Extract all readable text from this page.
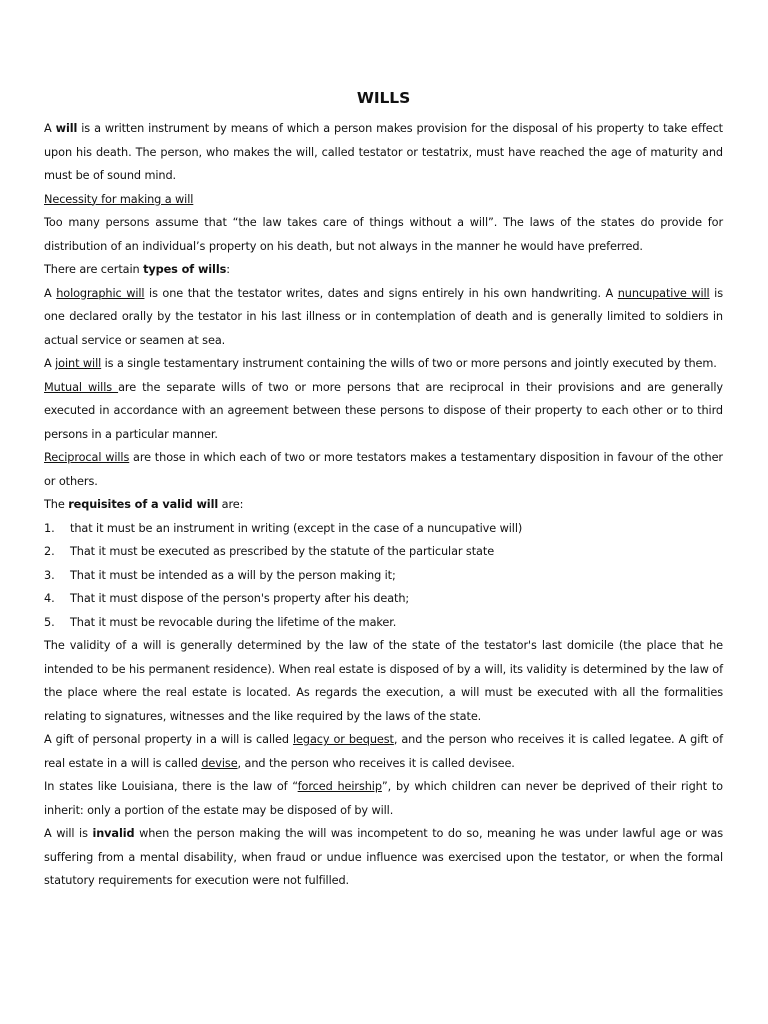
WILLS

A will is a written instrument by means of which a person makes provision for the disposal of his property to take effect upon his death. The person, who makes the will, called testator or testatrix, must have reached the age of maturity and must be of sound mind.

Necessity for making a will

Too many persons assume that “the law takes care of things without a will”. The laws of the states do provide for distribution of an individual’s property on his death, but not always in the manner he would have preferred.

There are certain types of wills:

A holographic will is one that the testator writes, dates and signs entirely in his own handwriting. A nuncupative will is one declared orally by the testator in his last illness or in contemplation of death and is generally limited to soldiers in actual service or seamen at sea.

A joint will is a single testamentary instrument containing the wills of two or more persons and jointly executed by them.

Mutual wills are the separate wills of two or more persons that are reciprocal in their provisions and are generally executed in accordance with an agreement between these persons to dispose of their property to each other or to third persons in a particular manner.

Reciprocal wills are those in which each of two or more testators makes a testamentary disposition in favour of the other or others.

The requisites of a valid will are:

1.	that it must be an instrument in writing (except in the case of a nuncupative will)
2.	That it must be executed as prescribed by the statute of the particular state
3.	That it must be intended as a will by the person making it;
4.	That it must dispose of the person's property after his death;
5.	That it must be revocable during the lifetime of the maker.

The validity of a will is generally determined by the law of the state of the testator's last domicile (the place that he intended to be his permanent residence). When real estate is disposed of by a will, its validity is determined by the law of the place where the real estate is located. As regards the execution, a will must be executed with all the formalities relating to signatures, witnesses and the like required by the laws of the state.

A gift of personal property in a will is called legacy or bequest, and the person who receives it is called legatee. A gift of real estate in a will is called devise, and the person who receives it is called devisee.

In states like Louisiana, there is the law of “forced heirship”, by which children can never be deprived of their right to inherit: only a portion of the estate may be disposed of by will.

A will is invalid when the person making the will was incompetent to do so, meaning he was under lawful age or was suffering from a mental disability, when fraud or undue influence was exercised upon the testator, or when the formal statutory requirements for execution were not fulfilled.
